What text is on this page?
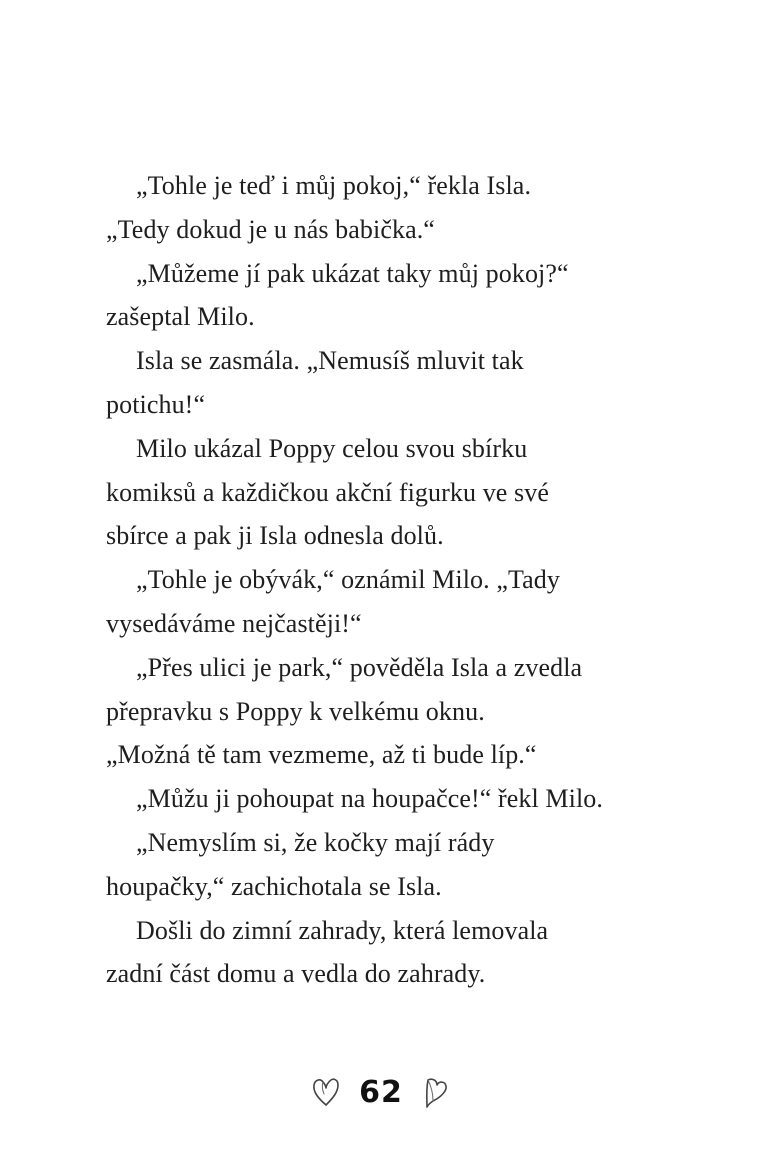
„Tohle je teď i můj pokoj,“ řekla Isla.
„Tedy dokud je u nás babička.“
„Můžeme jí pak ukázat taky můj pokoj?“
zašeptal Milo.
Isla se zasmála. „Nemusíš mluvit tak
potichu!“
Milo ukázal Poppy celou svou sbírku
komiksů a každičkou akční figurku ve své
sbírce a pak ji Isla odnesla dolů.
„Tohle je obývák,“ oznámil Milo. „Tady
vysedáváme nejčastěji!“
„Přes ulici je park,“ pověděla Isla a zvedla
přepravku s Poppy k velkému oknu.
„Možná tě tam vezmeme, až ti bude líp.“
„Můžu ji pohoupat na houpačce!“ řekl Milo.
„Nemyslím si, že kočky mají rády
houpačky,“ zachichotala se Isla.
Došli do zimní zahrady, která lemovala
zadní část domu a vedla do zahrady.
62
